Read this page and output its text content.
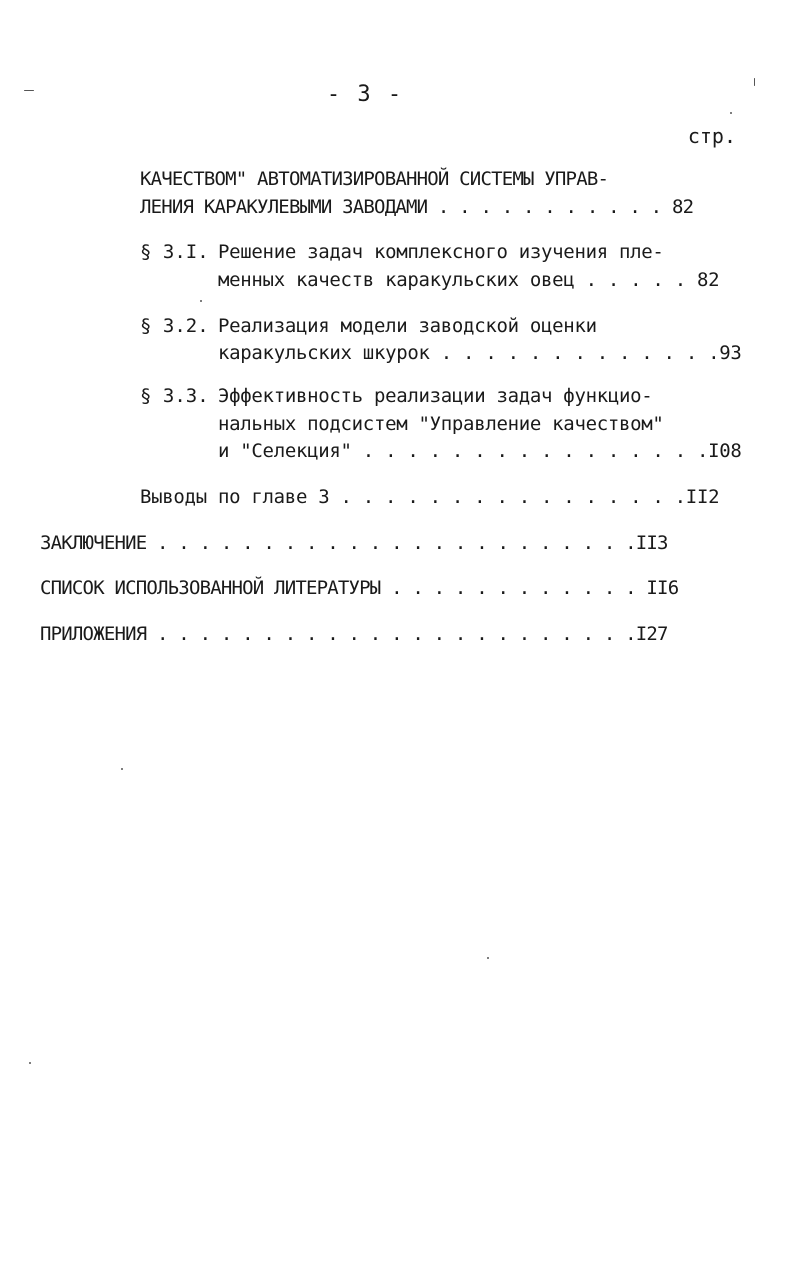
- 3 -
стр.
КАЧЕСТВОМ" АВТОМАТИЗИРОВАННОЙ СИСТЕМЫ УПРАВ-
ЛЕНИЯ КАРАКУЛЕВЫМИ ЗАВОДАМИ . . . . . . . . . . . 82
§ 3.I. Решение задач комплексного изучения пле-
менных качеств каракульских овец . . . . . 82
§ 3.2. Реализация модели заводской оценки
каракульских шкурок . . . . . . . . . . . . .93
§ 3.3. Эффективность реализации задач функцио-
нальных подсистем "Управление качеством"
и "Селекция" . . . . . . . . . . . . . . . .I08
Выводы по главе 3 . . . . . . . . . . . . . . . .II2
ЗАКЛЮЧЕНИЕ . . . . . . . . . . . . . . . . . . . . . . .II3
СПИСОК ИСПОЛЬЗОВАННОЙ ЛИТЕРАТУРЫ . . . . . . . . . . . . II6
ПРИЛОЖЕНИЯ . . . . . . . . . . . . . . . . . . . . . . .I27
